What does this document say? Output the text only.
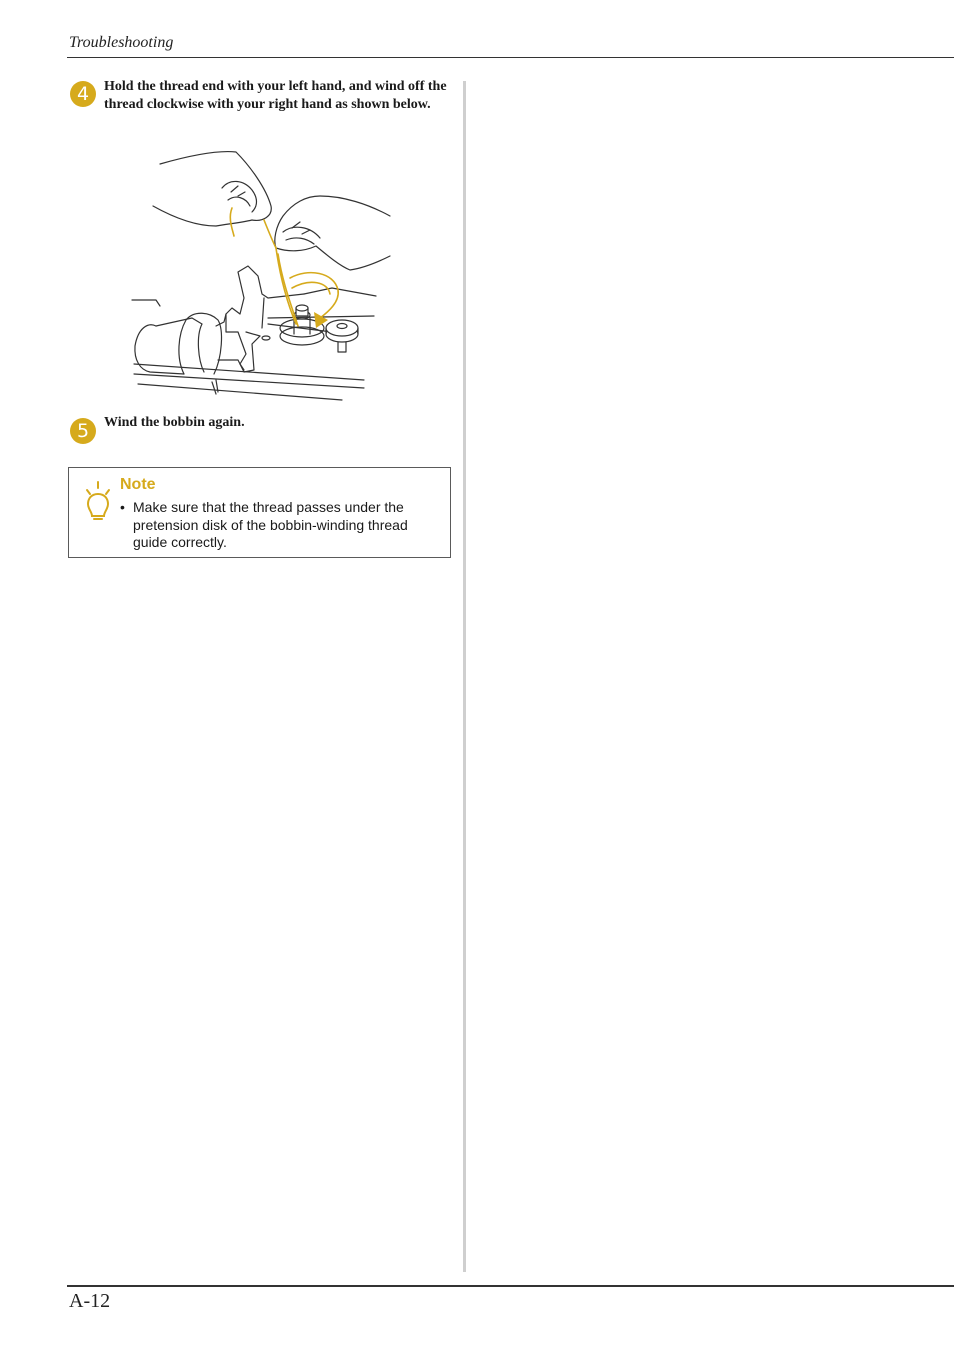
Troubleshooting
4	Hold the thread end with your left hand, and wind off the thread clockwise with your right hand as shown below.
5	Wind the bobbin again.
Note
• Make sure that the thread passes under the pretension disk of the bobbin-winding thread guide correctly.
A-12
